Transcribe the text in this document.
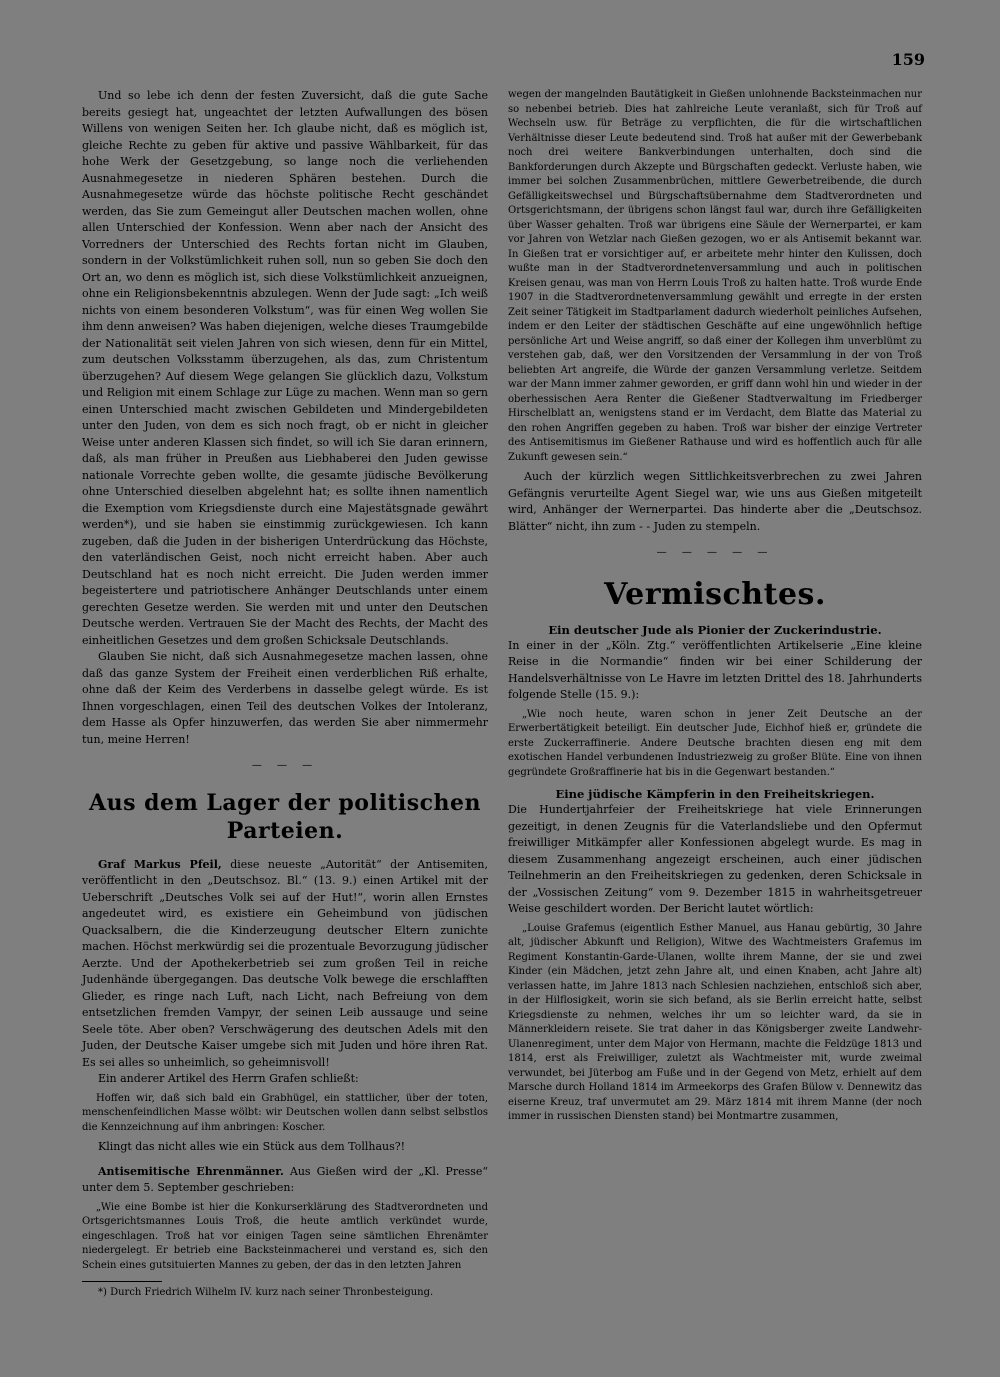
159

Und so lebe ich denn der festen Zuversicht, daß die gute Sache bereits gesiegt hat, ungeachtet der letzten Aufwallungen des bösen Willens von wenigen Seiten her. Ich glaube nicht, daß es möglich ist, gleiche Rechte zu geben für aktive und passive Wählbarkeit, für das hohe Werk der Gesetzgebung, so lange noch die verliehenden Ausnahmegesetze in niederen Sphären bestehen. Durch die Ausnahmegesetze würde das höchste politische Recht geschändet werden, das Sie zum Gemeingut aller Deutschen machen wollen, ohne allen Unterschied der Konfession. Wenn aber nach der Ansicht des Vorredners der Unterschied des Rechts fortan nicht im Glauben, sondern in der Volkstümlichkeit ruhen soll, nun so geben Sie doch den Ort an, wo denn es möglich ist, sich diese Volkstümlichkeit anzueignen, ohne ein Religionsbekenntnis abzulegen. Wenn der Jude sagt: „Ich weiß nichts von einem besonderen Volkstum“, was für einen Weg wollen Sie ihm denn anweisen? Was haben diejenigen, welche dieses Traumgebilde der Nationalität seit vielen Jahren von sich wiesen, denn für ein Mittel, zum deutschen Volksstamm überzugehen, als das, zum Christentum überzugehen? Auf diesem Wege gelangen Sie glücklich dazu, Volkstum und Religion mit einem Schlage zur Lüge zu machen. Wenn man so gern einen Unterschied macht zwischen Gebildeten und Mindergebildeten unter den Juden, von dem es sich noch fragt, ob er nicht in gleicher Weise unter anderen Klassen sich findet, so will ich Sie daran erinnern, daß, als man früher in Preußen aus Liebhaberei den Juden gewisse nationale Vorrechte geben wollte, die gesamte jüdische Bevölkerung ohne Unterschied dieselben abgelehnt hat; es sollte ihnen namentlich die Exemption vom Kriegsdienste durch eine Majestätsgnade gewährt werden*), und sie haben sie einstimmig zurückgewiesen. Ich kann zugeben, daß die Juden in der bisherigen Unterdrückung das Höchste, den vaterländischen Geist, noch nicht erreicht haben. Aber auch Deutschland hat es noch nicht erreicht. Die Juden werden immer begeistertere und patriotischere Anhänger Deutschlands unter einem gerechten Gesetze werden. Sie werden mit und unter den Deutschen Deutsche werden. Vertrauen Sie der Macht des Rechts, der Macht des einheitlichen Gesetzes und dem großen Schicksale Deutschlands.

Glauben Sie nicht, daß sich Ausnahmegesetze machen lassen, ohne daß das ganze System der Freiheit einen verderblichen Riß erhalte, ohne daß der Keim des Verderbens in dasselbe gelegt würde. Es ist Ihnen vorgeschlagen, einen Teil des deutschen Volkes der Intoleranz, dem Hasse als Opfer hinzuwerfen, das werden Sie aber nimmermehr tun, meine Herren!

— — —
Aus dem Lager der politischen Parteien.

Graf Markus Pfeil, diese neueste „Autorität“ der Antisemiten, veröffentlicht in den „Deutschsoz. Bl.“ (13. 9.) einen Artikel mit der Ueberschrift „Deutsches Volk sei auf der Hut!“, worin allen Ernstes angedeutet wird, es existiere ein Geheimbund von jüdischen Quacksalbern, die die Kinderzeugung deutscher Eltern zunichte machen. Höchst merkwürdig sei die prozentuale Bevorzugung jüdischer Aerzte. Und der Apothekerbetrieb sei zum großen Teil in reiche Judenhände übergegangen. Das deutsche Volk bewege die erschlafften Glieder, es ringe nach Luft, nach Licht, nach Befreiung von dem entsetzlichen fremden Vampyr, der seinen Leib aussauge und seine Seele töte. Aber oben? Verschwägerung des deutschen Adels mit den Juden, der Deutsche Kaiser umgebe sich mit Juden und höre ihren Rat. Es sei alles so unheimlich, so geheimnisvoll!

Ein anderer Artikel des Herrn Grafen schließt:

Hoffen wir, daß sich bald ein Grabhügel, ein stattlicher, über der toten, menschenfeindlichen Masse wölbt: wir Deutschen wollen dann selbst selbstlos die Kennzeichnung auf ihm anbringen: Koscher.

Klingt das nicht alles wie ein Stück aus dem Tollhaus?!

Antisemitische Ehrenmänner. Aus Gießen wird der „Kl. Presse“ unter dem 5. September geschrieben:

„Wie eine Bombe ist hier die Konkurserklärung des Stadtverordneten und Ortsgerichtsmannes Louis Troß, die heute amtlich verkündet wurde, eingeschlagen. Troß hat vor einigen Tagen seine sämtlichen Ehrenämter niedergelegt. Er betrieb eine Backsteinmacherei und verstand es, sich den Schein eines gutsituierten Mannes zu geben, der das in den letzten Jahren

*) Durch Friedrich Wilhelm IV. kurz nach seiner Thronbesteigung.

wegen der mangelnden Bautätigkeit in Gießen unlohnende Backsteinmachen nur so nebenbei betrieb. Dies hat zahlreiche Leute veranlaßt, sich für Troß auf Wechseln usw. für Beträge zu verpflichten, die für die wirtschaftlichen Verhältnisse dieser Leute bedeutend sind. Troß hat außer mit der Gewerbebank noch drei weitere Bankverbindungen unterhalten, doch sind die Bankforderungen durch Akzepte und Bürgschaften gedeckt. Verluste haben, wie immer bei solchen Zusammenbrüchen, mittlere Gewerbetreibende, die durch Gefälligkeitswechsel und Bürgschaftsübernahme dem Stadtverordneten und Ortsgerichtsmann, der übrigens schon längst faul war, durch ihre Gefälligkeiten über Wasser gehalten. Troß war übrigens eine Säule der Wernerpartei, er kam vor Jahren von Wetzlar nach Gießen gezogen, wo er als Antisemit bekannt war. In Gießen trat er vorsichtiger auf, er arbeitete mehr hinter den Kulissen, doch wußte man in der Stadtverordnetenversammlung und auch in politischen Kreisen genau, was man von Herrn Louis Troß zu halten hatte. Troß wurde Ende 1907 in die Stadtverordnetenversammlung gewählt und erregte in der ersten Zeit seiner Tätigkeit im Stadtparlament dadurch wiederholt peinliches Aufsehen, indem er den Leiter der städtischen Geschäfte auf eine ungewöhnlich heftige persönliche Art und Weise angriff, so daß einer der Kollegen ihm unverblümt zu verstehen gab, daß, wer den Vorsitzenden der Versammlung in der von Troß beliebten Art angreife, die Würde der ganzen Versammlung verletze. Seitdem war der Mann immer zahmer geworden, er griff dann wohl hin und wieder in der oberhessischen Aera Renter die Gießener Stadtverwaltung im Friedberger Hirschelblatt an, wenigstens stand er im Verdacht, dem Blatte das Material zu den rohen Angriffen gegeben zu haben. Troß war bisher der einzige Vertreter des Antisemitismus im Gießener Rathause und wird es hoffentlich auch für alle Zukunft gewesen sein.“

Auch der kürzlich wegen Sittlichkeitsverbrechen zu zwei Jahren Gefängnis verurteilte Agent Siegel war, wie uns aus Gießen mitgeteilt wird, Anhänger der Wernerpartei. Das hinderte aber die „Deutschsoz. Blätter“ nicht, ihn zum - - Juden zu stempeln.

— — — — —
Vermischtes.
Ein deutscher Jude als Pionier der Zuckerindustrie.

In einer in der „Köln. Ztg.“ veröffentlichten Artikelserie „Eine kleine Reise in die Normandie“ finden wir bei einer Schilderung der Handelsverhältnisse von Le Havre im letzten Drittel des 18. Jahrhunderts folgende Stelle (15. 9.):

„Wie noch heute, waren schon in jener Zeit Deutsche an der Erwerbertätigkeit beteiligt. Ein deutscher Jude, Eichhof hieß er, gründete die erste Zuckerraffinerie. Andere Deutsche brachten diesen eng mit dem exotischen Handel verbundenen Industriezweig zu großer Blüte. Eine von ihnen gegründete Großraffinerie hat bis in die Gegenwart bestanden.“

Eine jüdische Kämpferin in den Freiheitskriegen.

Die Hundertjahrfeier der Freiheitskriege hat viele Erinnerungen gezeitigt, in denen Zeugnis für die Vaterlandsliebe und den Opfermut freiwilliger Mitkämpfer aller Konfessionen abgelegt wurde. Es mag in diesem Zusammenhang angezeigt erscheinen, auch einer jüdischen Teilnehmerin an den Freiheitskriegen zu gedenken, deren Schicksale in der „Vossischen Zeitung“ vom 9. Dezember 1815 in wahrheitsgetreuer Weise geschildert worden. Der Bericht lautet wörtlich:

„Louise Grafemus (eigentlich Esther Manuel, aus Hanau gebürtig, 30 Jahre alt, jüdischer Abkunft und Religion), Witwe des Wachtmeisters Grafemus im Regiment Konstantin-Garde-Ulanen, wollte ihrem Manne, der sie und zwei Kinder (ein Mädchen, jetzt zehn Jahre alt, und einen Knaben, acht Jahre alt) verlassen hatte, im Jahre 1813 nach Schlesien nachziehen, entschloß sich aber, in der Hilflosigkeit, worin sie sich befand, als sie Berlin erreicht hatte, selbst Kriegsdienste zu nehmen, welches ihr um so leichter ward, da sie in Männerkleidern reisete. Sie trat daher in das Königsberger zweite Landwehr-Ulanenregiment, unter dem Major von Hermann, machte die Feldzüge 1813 und 1814, erst als Freiwilliger, zuletzt als Wachtmeister mit, wurde zweimal verwundet, bei Jüterbog am Fuße und in der Gegend von Metz, erhielt auf dem Marsche durch Holland 1814 im Armeekorps des Grafen Bülow v. Dennewitz das eiserne Kreuz, traf unvermutet am 29. März 1814 mit ihrem Manne (der noch immer in russischen Diensten stand) bei Montmartre zusammen,
